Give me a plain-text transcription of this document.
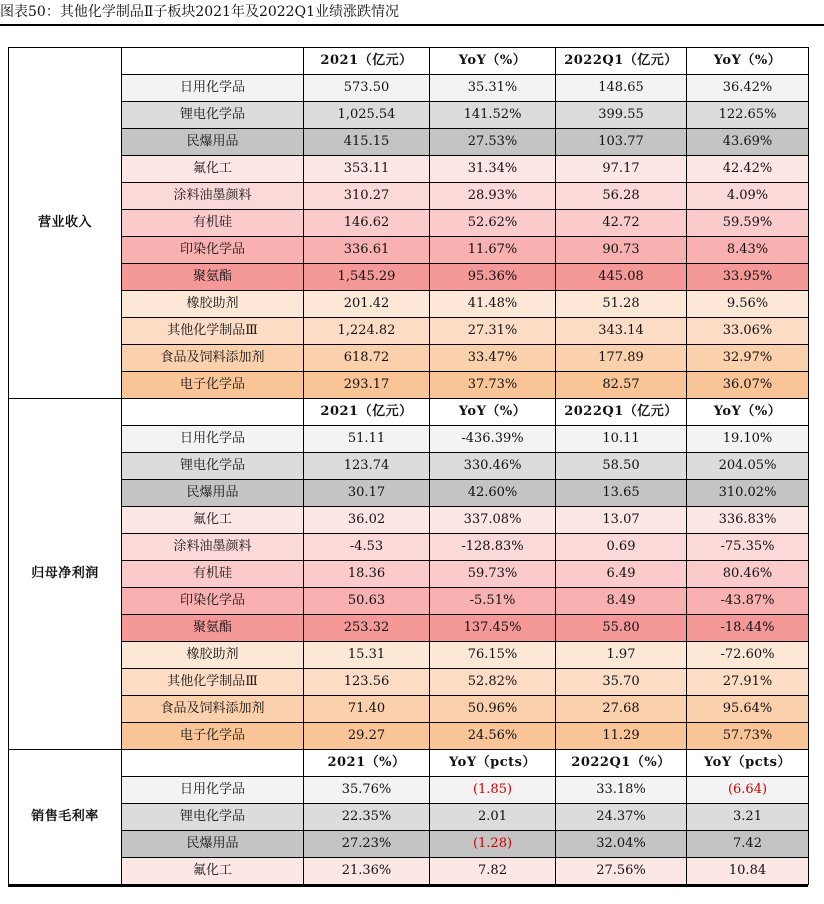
图表50：其他化学制品Ⅱ子板块2021年及2022Q1业绩涨跌情况
营业收入		2021（亿元）	YoY（%）	2022Q1（亿元）	YoY（%）
	日用化学品	573.50	35.31%	148.65	36.42%
	锂电化学品	1,025.54	141.52%	399.55	122.65%
	民爆用品	415.15	27.53%	103.77	43.69%
	氟化工	353.11	31.34%	97.17	42.42%
	涂料油墨颜料	310.27	28.93%	56.28	4.09%
	有机硅	146.62	52.62%	42.72	59.59%
	印染化学品	336.61	11.67%	90.73	8.43%
	聚氨酯	1,545.29	95.36%	445.08	33.95%
	橡胶助剂	201.42	41.48%	51.28	9.56%
	其他化学制品Ⅲ	1,224.82	27.31%	343.14	33.06%
	食品及饲料添加剂	618.72	33.47%	177.89	32.97%
	电子化学品	293.17	37.73%	82.57	36.07%
归母净利润		2021（亿元）	YoY（%）	2022Q1（亿元）	YoY（%）
	日用化学品	51.11	-436.39%	10.11	19.10%
	锂电化学品	123.74	330.46%	58.50	204.05%
	民爆用品	30.17	42.60%	13.65	310.02%
	氟化工	36.02	337.08%	13.07	336.83%
	涂料油墨颜料	-4.53	-128.83%	0.69	-75.35%
	有机硅	18.36	59.73%	6.49	80.46%
	印染化学品	50.63	-5.51%	8.49	-43.87%
	聚氨酯	253.32	137.45%	55.80	-18.44%
	橡胶助剂	15.31	76.15%	1.97	-72.60%
	其他化学制品Ⅲ	123.56	52.82%	35.70	27.91%
	食品及饲料添加剂	71.40	50.96%	27.68	95.64%
	电子化学品	29.27	24.56%	11.29	57.73%
销售毛利率		2021（%）	YoY（pcts）	2022Q1（%）	YoY（pcts）
	日用化学品	35.76%	(1.85)	33.18%	(6.64)
	锂电化学品	22.35%	2.01	24.37%	3.21
	民爆用品	27.23%	(1.28)	32.04%	7.42
	氟化工	21.36%	7.82	27.56%	10.84
